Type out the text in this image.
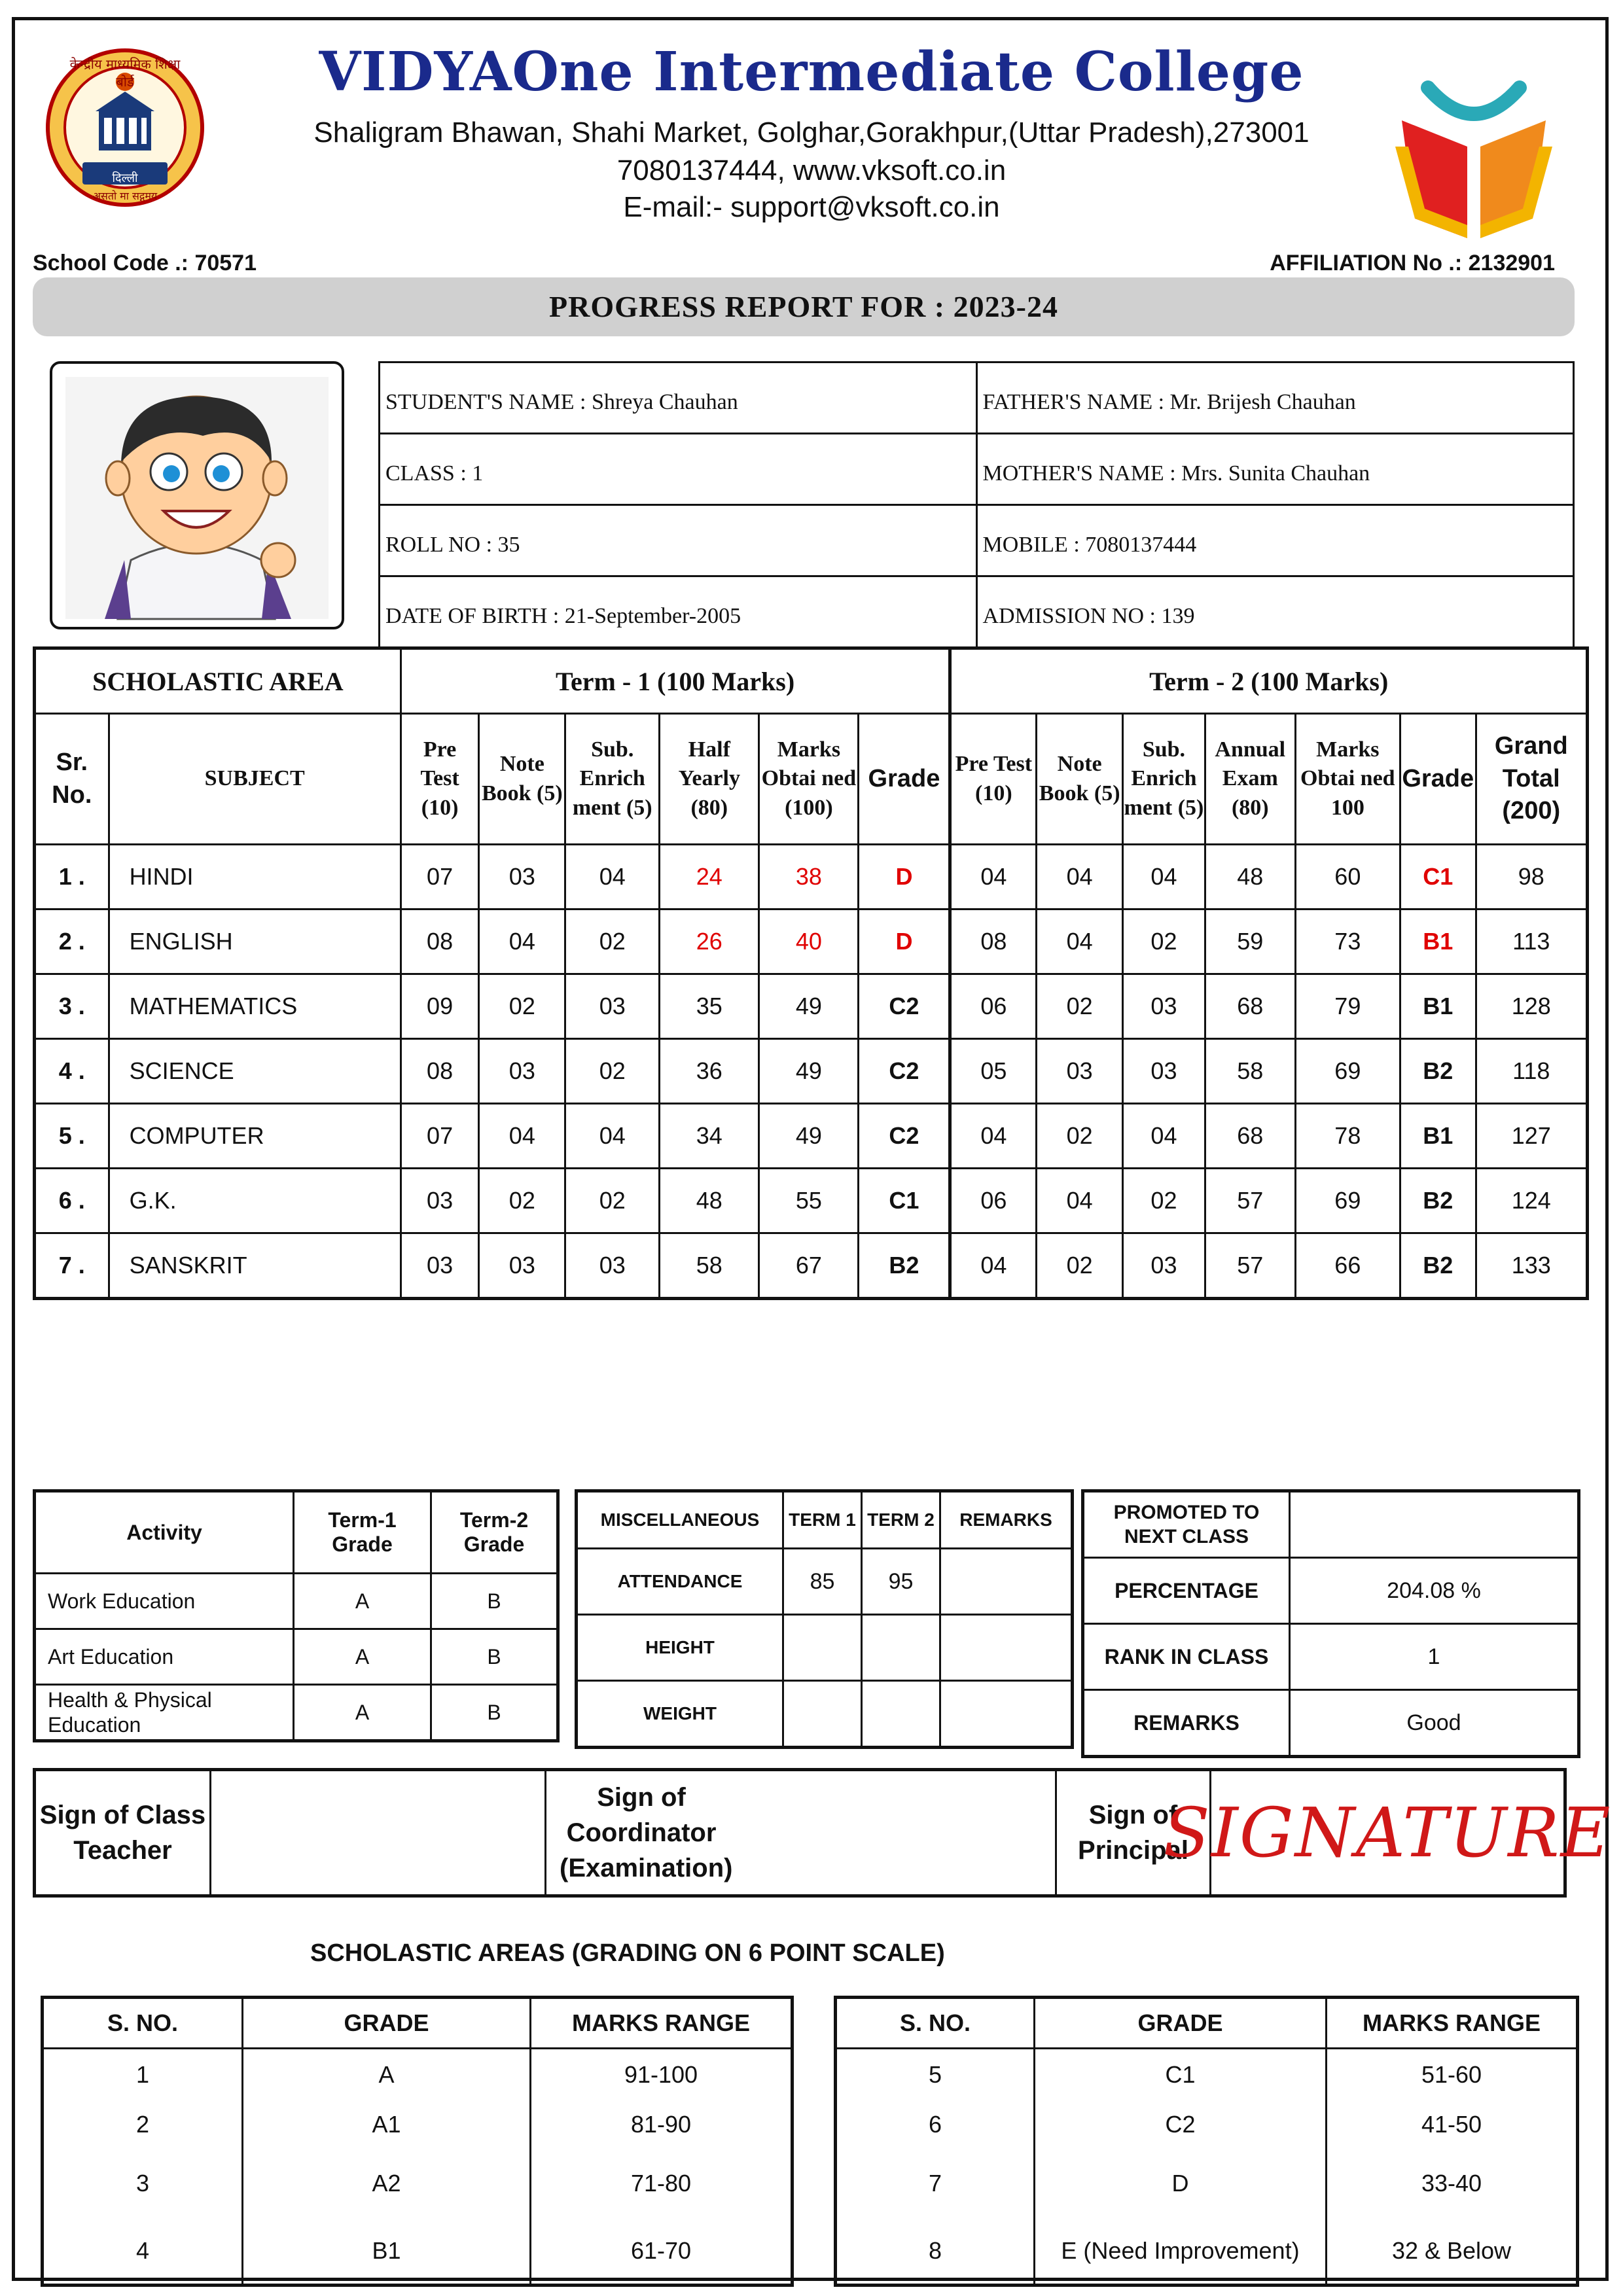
केन्द्रीय माध्यमिक शिक्षा बोर्ड
दिल्ली
असतो मा सद्गमय
VIDYAOne Intermediate College
Shaligram Bhawan, Shahi Market, Golghar,Gorakhpur,(Uttar Pradesh),273001
7080137444, www.vksoft.co.in
E-mail:- support@vksoft.co.in
School Code .: 70571	AFFILIATION No .: 2132901
PROGRESS REPORT FOR : 2023-24
STUDENT'S NAME : Shreya Chauhan	FATHER'S NAME : Mr. Brijesh Chauhan
CLASS : 1	MOTHER'S NAME : Mrs. Sunita Chauhan
ROLL NO : 35	MOBILE : 7080137444
DATE OF BIRTH : 21-September-2005	ADMISSION NO : 139
SCHOLASTIC AREA		Term - 1 (100 Marks)						Term - 2 (100 Marks)						
Sr. No.	SUBJECT	Pre Test (10)	Note Book (5)	Sub. Enrich ment (5)	Half Yearly (80)	Marks Obtai ned (100)	Grade	Pre Test (10)	Note Book (5)	Sub. Enrich ment (5)	Annual Exam (80)	Marks Obtai ned 100	Grade	Grand Total (200)
1 .	HINDI	07	03	04	24	38	D	04	04	04	48	60	C1	98
2 .	ENGLISH	08	04	02	26	40	D	08	04	02	59	73	B1	113
3 .	MATHEMATICS	09	02	03	35	49	C2	06	02	03	68	79	B1	128
4 .	SCIENCE	08	03	02	36	49	C2	05	03	03	58	69	B2	118
5 .	COMPUTER	07	04	04	34	49	C2	04	02	04	68	78	B1	127
6 .	G.K.	03	02	02	48	55	C1	06	04	02	57	69	B2	124
7 .	SANSKRIT	03	03	03	58	67	B2	04	02	03	57	66	B2	133
Activity	Term-1 Grade	Term-2 Grade
Work Education	A	B
Art Education	A	B
Health & Physical Education	A	B
MISCELLANEOUS	TERM 1	TERM 2	REMARKS
ATTENDANCE	85	95	
HEIGHT			
WEIGHT			
PROMOTED TO NEXT CLASS	
PERCENTAGE	204.08 %
RANK IN CLASS	1
REMARKS	Good
Sign of Class Teacher
Sign of Coordinator (Examination)
Sign of Principal
SIGNATURE
SCHOLASTIC AREAS (GRADING ON 6 POINT SCALE)
S. NO.	GRADE	MARKS RANGE
1	A	91-100
2	A1	81-90
3	A2	71-80
4	B1	61-70
S. NO.	GRADE	MARKS RANGE
5	C1	51-60
6	C2	41-50
7	D	33-40
8	E (Need Improvement)	32 & Below
